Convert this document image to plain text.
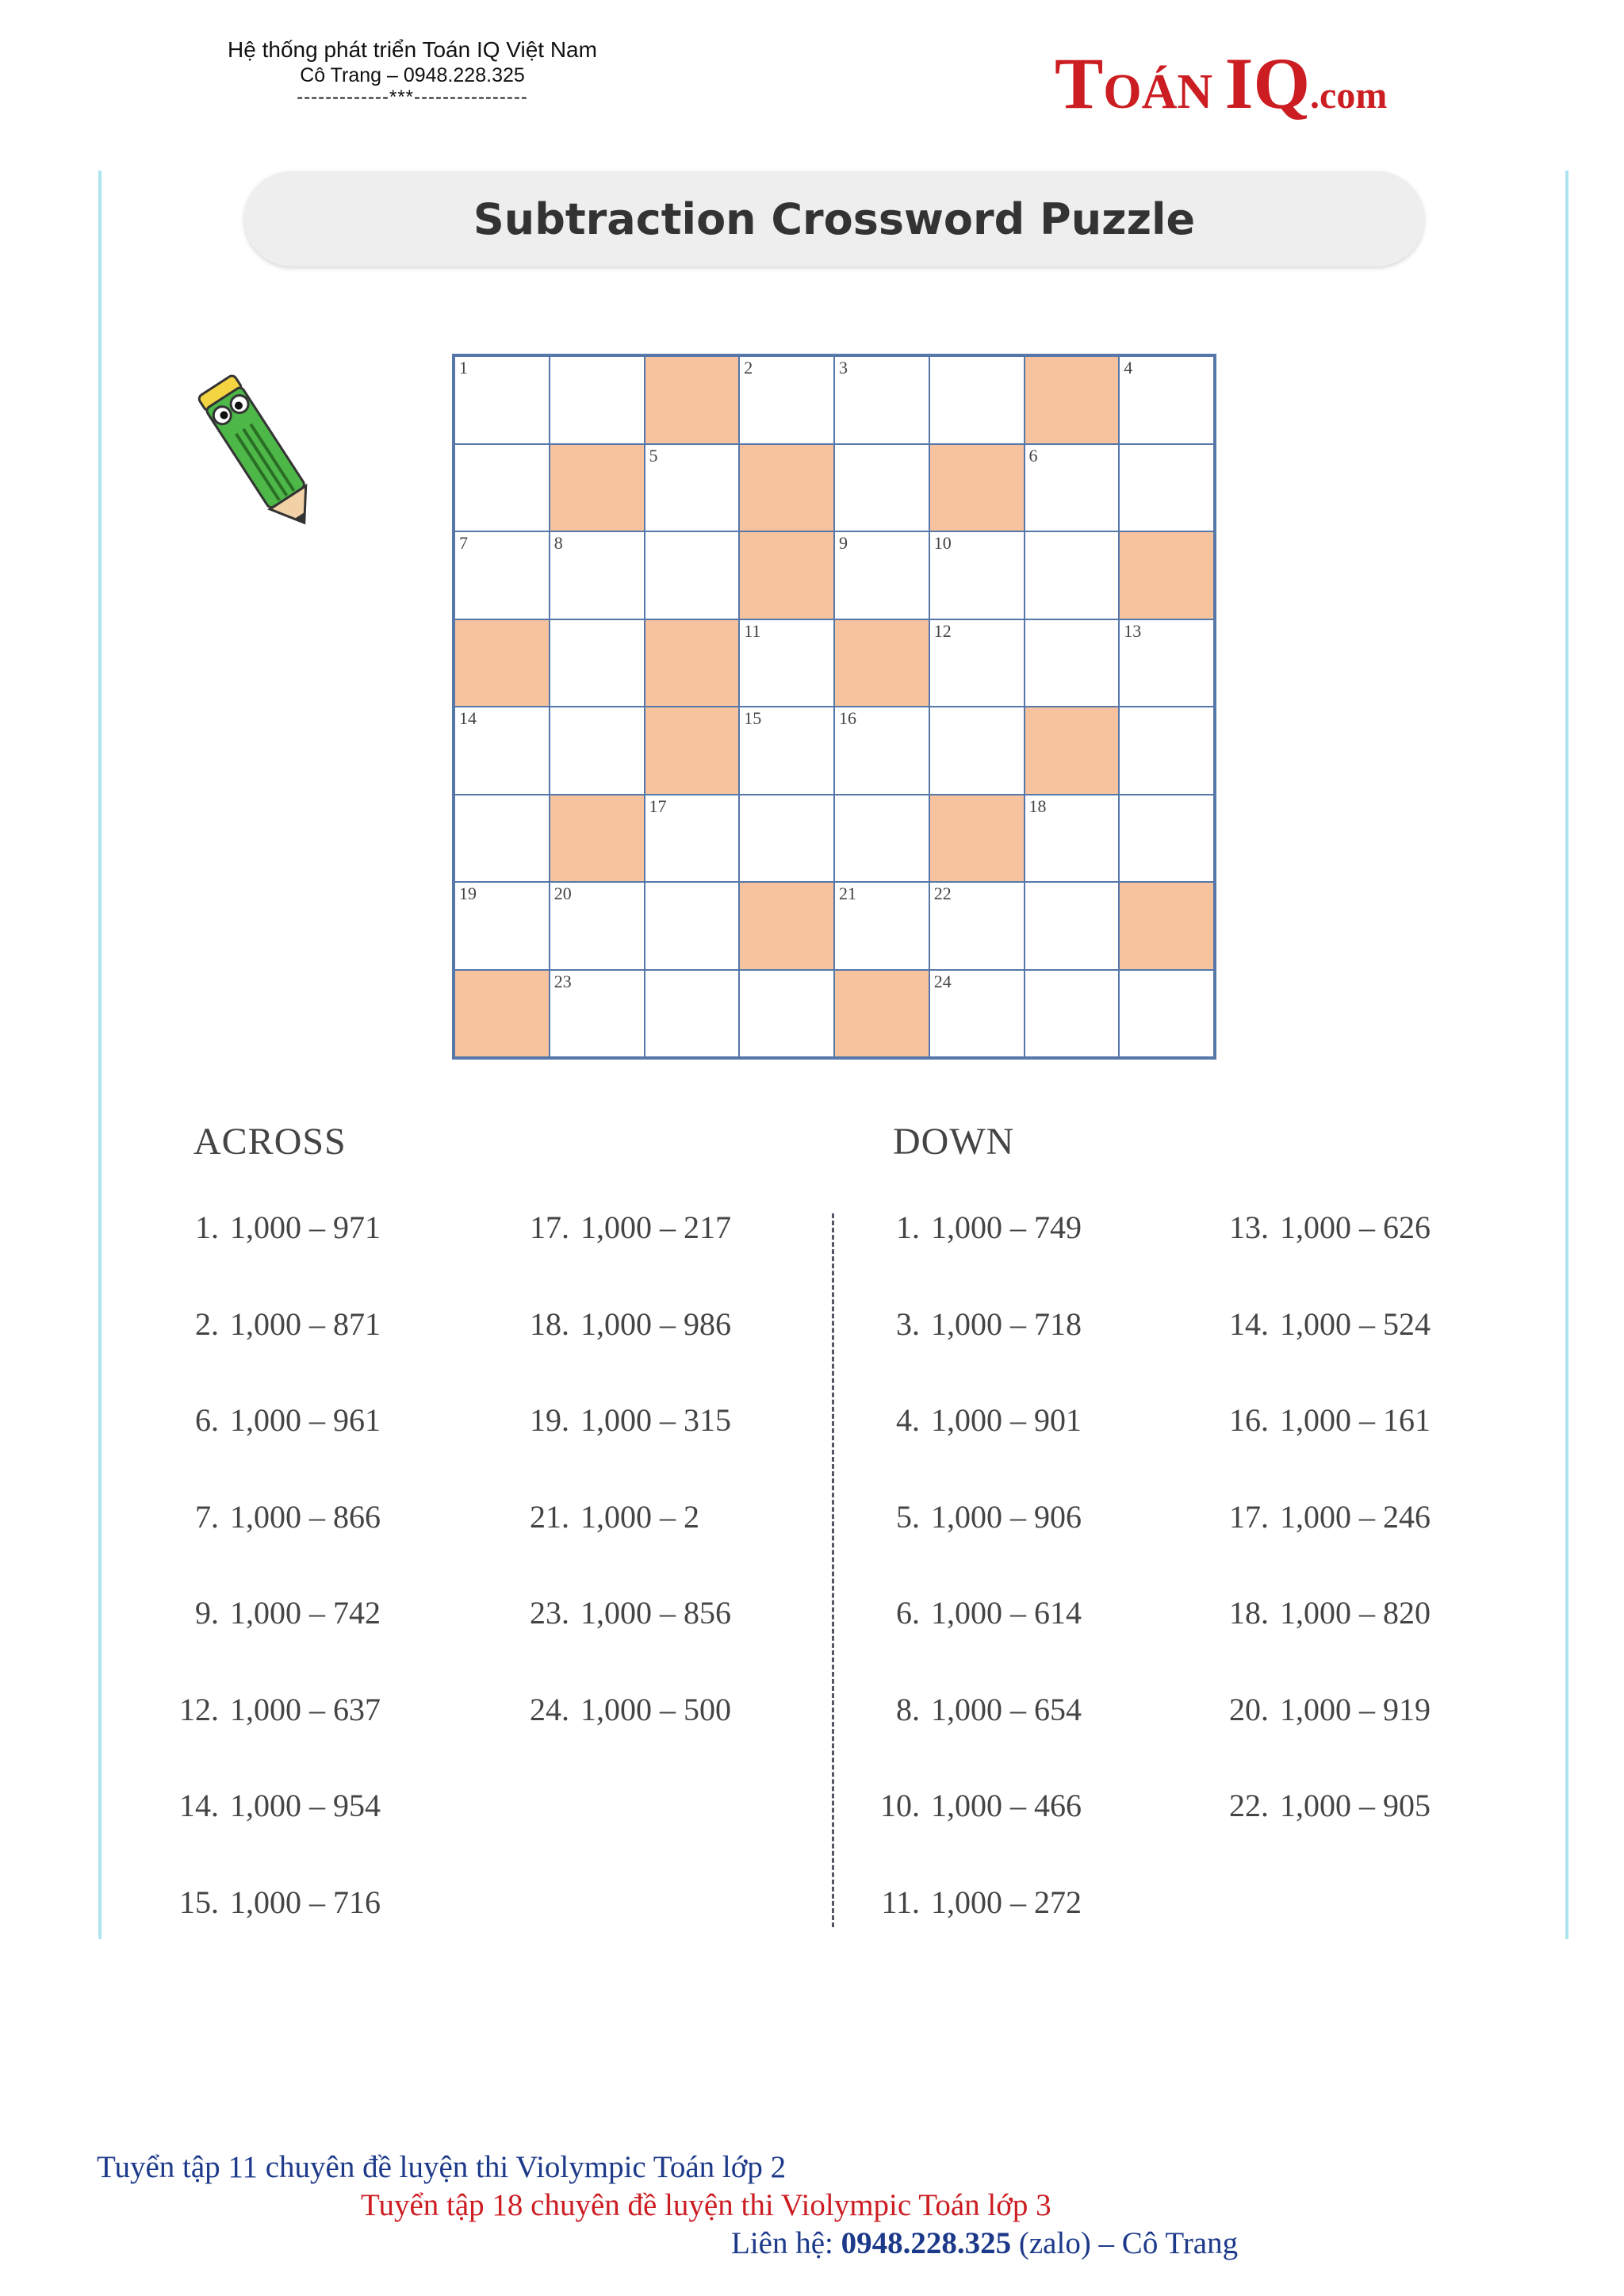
Hệ thống phát triển Toán IQ Việt Nam
Cô Trang – 0948.228.325
-------------***----------------	TOÁN IQ.com
Subtraction Crossword Puzzle
1	2	3	4
5	6
7	8	9	10
11	12	13
14	15	16
17	18
19	20	21	22
23	24
ACROSS	DOWN
Tuyển tập 11 chuyên đề luyện thi Violympic Toán lớp 2
Tuyển tập 18 chuyên đề luyện thi Violympic Toán lớp 3
Liên hệ: 0948.228.325 (zalo) – Cô Trang
1. 1,000 – 971
2. 1,000 – 871
6. 1,000 – 961
7. 1,000 – 866
9. 1,000 – 742
12. 1,000 – 637
14. 1,000 – 954
15. 1,000 – 716
17. 1,000 – 217
18. 1,000 – 986
19. 1,000 – 315
21. 1,000 – 2
23. 1,000 – 856
24. 1,000 – 500
1. 1,000 – 749
3. 1,000 – 718
4. 1,000 – 901
5. 1,000 – 906
6. 1,000 – 614
8. 1,000 – 654
10. 1,000 – 466
11. 1,000 – 272
13. 1,000 – 626
14. 1,000 – 524
16. 1,000 – 161
17. 1,000 – 246
18. 1,000 – 820
20. 1,000 – 919
22. 1,000 – 905
